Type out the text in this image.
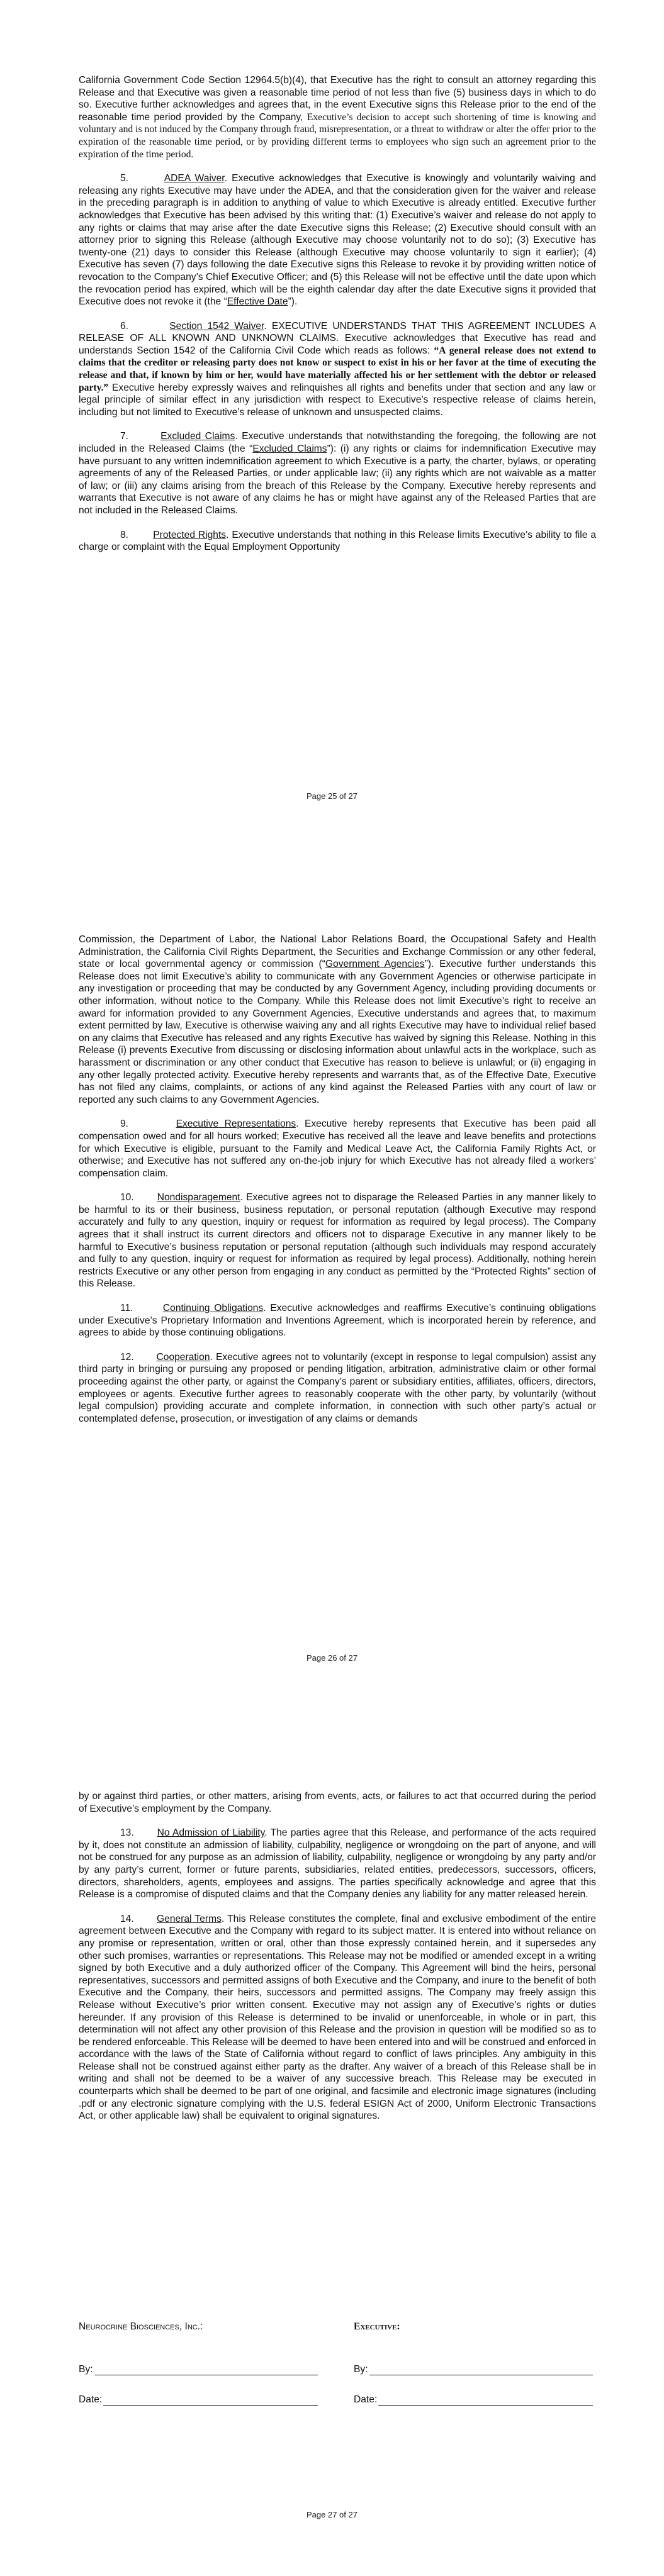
California Government Code Section 12964.5(b)(4), that Executive has the right to consult an attorney regarding this Release and that Executive was given a reasonable time period of not less than five (5) business days in which to do so. Executive further acknowledges and agrees that, in the event Executive signs this Release prior to the end of the reasonable time period provided by the Company, Executive’s decision to accept such shortening of time is knowing and voluntary and is not induced by the Company through fraud, misrepresentation, or a threat to withdraw or alter the offer prior to the expiration of the reasonable time period, or by providing different terms to employees who sign such an agreement prior to the expiration of the time period.

5.	ADEA Waiver. Executive acknowledges that Executive is knowingly and voluntarily waiving and releasing any rights Executive may have under the ADEA, and that the consideration given for the waiver and release in the preceding paragraph is in addition to anything of value to which Executive is already entitled. Executive further acknowledges that Executive has been advised by this writing that: (1) Executive’s waiver and release do not apply to any rights or claims that may arise after the date Executive signs this Release; (2) Executive should consult with an attorney prior to signing this Release (although Executive may choose voluntarily not to do so); (3) Executive has twenty-one (21) days to consider this Release (although Executive may choose voluntarily to sign it earlier); (4) Executive has seven (7) days following the date Executive signs this Release to revoke it by providing written notice of revocation to the Company’s Chief Executive Officer; and (5) this Release will not be effective until the date upon which the revocation period has expired, which will be the eighth calendar day after the date Executive signs it provided that Executive does not revoke it (the “Effective Date”).

6.	Section 1542 Waiver. EXECUTIVE UNDERSTANDS THAT THIS AGREEMENT INCLUDES A RELEASE OF ALL KNOWN AND UNKNOWN CLAIMS. Executive acknowledges that Executive has read and understands Section 1542 of the California Civil Code which reads as follows: “A general release does not extend to claims that the creditor or releasing party does not know or suspect to exist in his or her favor at the time of executing the release and that, if known by him or her, would have materially affected his or her settlement with the debtor or released party.” Executive hereby expressly waives and relinquishes all rights and benefits under that section and any law or legal principle of similar effect in any jurisdiction with respect to Executive’s respective release of claims herein, including but not limited to Executive’s release of unknown and unsuspected claims.

7.	Excluded Claims. Executive understands that notwithstanding the foregoing, the following are not included in the Released Claims (the “Excluded Claims”): (i) any rights or claims for indemnification Executive may have pursuant to any written indemnification agreement to which Executive is a party, the charter, bylaws, or operating agreements of any of the Released Parties, or under applicable law; (ii) any rights which are not waivable as a matter of law; or (iii) any claims arising from the breach of this Release by the Company. Executive hereby represents and warrants that Executive is not aware of any claims he has or might have against any of the Released Parties that are not included in the Released Claims.

8.	Protected Rights. Executive understands that nothing in this Release limits Executive’s ability to file a charge or complaint with the Equal Employment Opportunity

Page 25 of 27

Commission, the Department of Labor, the National Labor Relations Board, the Occupational Safety and Health Administration, the California Civil Rights Department, the Securities and Exchange Commission or any other federal, state or local governmental agency or commission (“Government Agencies”). Executive further understands this Release does not limit Executive’s ability to communicate with any Government Agencies or otherwise participate in any investigation or proceeding that may be conducted by any Government Agency, including providing documents or other information, without notice to the Company. While this Release does not limit Executive’s right to receive an award for information provided to any Government Agencies, Executive understands and agrees that, to maximum extent permitted by law, Executive is otherwise waiving any and all rights Executive may have to individual relief based on any claims that Executive has released and any rights Executive has waived by signing this Release. Nothing in this Release (i) prevents Executive from discussing or disclosing information about unlawful acts in the workplace, such as harassment or discrimination or any other conduct that Executive has reason to believe is unlawful; or (ii) engaging in any other legally protected activity. Executive hereby represents and warrants that, as of the Effective Date, Executive has not filed any claims, complaints, or actions of any kind against the Released Parties with any court of law or reported any such claims to any Government Agencies.

9.	Executive Representations. Executive hereby represents that Executive has been paid all compensation owed and for all hours worked; Executive has received all the leave and leave benefits and protections for which Executive is eligible, pursuant to the Family and Medical Leave Act, the California Family Rights Act, or otherwise; and Executive has not suffered any on-the-job injury for which Executive has not already filed a workers’ compensation claim.

10. Nondisparagement. Executive agrees not to disparage the Released Parties in any manner likely to be harmful to its or their business, business reputation, or personal reputation (although Executive may respond accurately and fully to any question, inquiry or request for information as required by legal process). The Company agrees that it shall instruct its current directors and officers not to disparage Executive in any manner likely to be harmful to Executive’s business reputation or personal reputation (although such individuals may respond accurately and fully to any question, inquiry or request for information as required by legal process). Additionally, nothing herein restricts Executive or any other person from engaging in any conduct as permitted by the “Protected Rights” section of this Release.

11.	Continuing Obligations. Executive acknowledges and reaffirms Executive’s continuing obligations under Executive’s Proprietary Information and Inventions Agreement, which is incorporated herein by reference, and agrees to abide by those continuing obligations.

12. Cooperation. Executive agrees not to voluntarily (except in response to legal compulsion) assist any third party in bringing or pursuing any proposed or pending litigation, arbitration, administrative claim or other formal proceeding against the other party, or against the Company’s parent or subsidiary entities, affiliates, officers, directors, employees or agents. Executive further agrees to reasonably cooperate with the other party, by voluntarily (without legal compulsion) providing accurate and complete information, in connection with such other party’s actual or contemplated defense, prosecution, or investigation of any claims or demands

Page 26 of 27

by or against third parties, or other matters, arising from events, acts, or failures to act that occurred during the period of Executive’s employment by the Company.

13. No Admission of Liability. The parties agree that this Release, and performance of the acts required by it, does not constitute an admission of liability, culpability, negligence or wrongdoing on the part of anyone, and will not be construed for any purpose as an admission of liability, culpability, negligence or wrongdoing by any party and/or by any party’s current, former or future parents, subsidiaries, related entities, predecessors, successors, officers, directors, shareholders, agents, employees and assigns. The parties specifically acknowledge and agree that this Release is a compromise of disputed claims and that the Company denies any liability for any matter released herein.

14. General Terms. This Release constitutes the complete, final and exclusive embodiment of the entire agreement between Executive and the Company with regard to its subject matter. It is entered into without reliance on any promise or representation, written or oral, other than those expressly contained herein, and it supersedes any other such promises, warranties or representations. This Release may not be modified or amended except in a writing signed by both Executive and a duly authorized officer of the Company. This Agreement will bind the heirs, personal representatives, successors and permitted assigns of both Executive and the Company, and inure to the benefit of both Executive and the Company, their heirs, successors and permitted assigns. The Company may freely assign this Release without Executive’s prior written consent. Executive may not assign any of Executive’s rights or duties hereunder. If any provision of this Release is determined to be invalid or unenforceable, in whole or in part, this determination will not affect any other provision of this Release and the provision in question will be modified so as to be rendered enforceable. This Release will be deemed to have been entered into and will be construed and enforced in accordance with the laws of the State of California without regard to conflict of laws principles. Any ambiguity in this Release shall not be construed against either party as the drafter. Any waiver of a breach of this Release shall be in writing and shall not be deemed to be a waiver of any successive breach. This Release may be executed in counterparts which shall be deemed to be part of one original, and facsimile and electronic image signatures (including .pdf or any electronic signature complying with the U.S. federal ESIGN Act of 2000, Uniform Electronic Transactions Act, or other applicable law) shall be equivalent to original signatures.

Neurocrine Biosciences, Inc.:
By:
Date:
Executive:
By:
Date:
Page 27 of 27
